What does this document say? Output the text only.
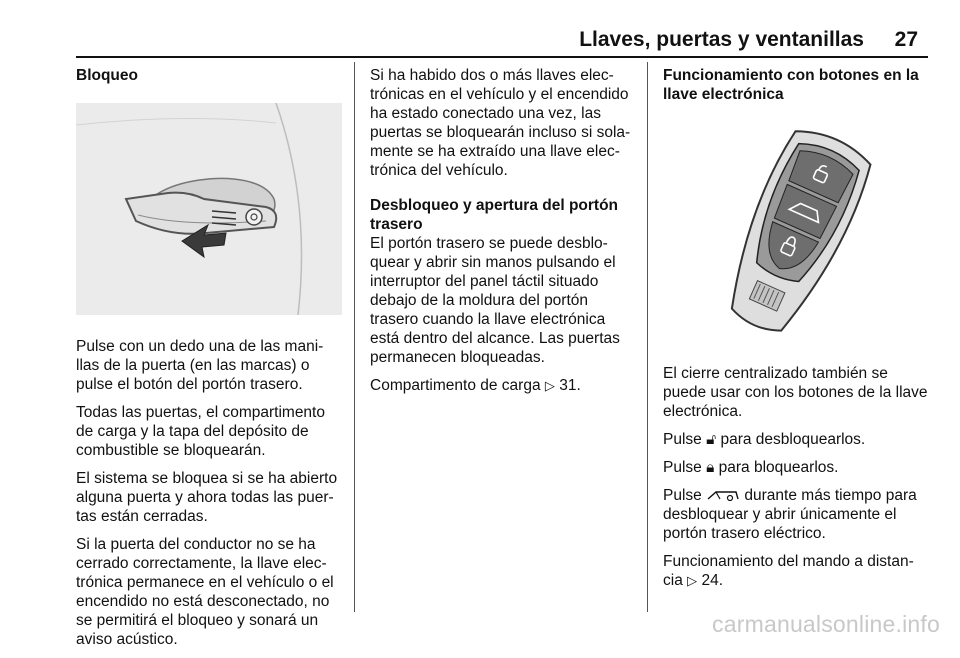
Llaves, puertas y ventanillas 27
Bloqueo

Pulse con un dedo una de las mani- llas de la puerta (en las marcas) o pulse el botón del portón trasero.

Todas las puertas, el compartimento de carga y la tapa del depósito de combustible se bloquearán.

El sistema se bloquea si se ha abierto alguna puerta y ahora todas las puer- tas están cerradas.

Si la puerta del conductor no se ha cerrado correctamente, la llave elec- trónica permanece en el vehículo o el encendido no está desconectado, no se permitirá el bloqueo y sonará un aviso acústico.

Si ha habido dos o más llaves elec- trónicas en el vehículo y el encendido ha estado conectado una vez, las puertas se bloquearán incluso si sola- mente se ha extraído una llave elec- trónica del vehículo.

Desbloqueo y apertura del portón trasero

El portón trasero se puede desblo- quear y abrir sin manos pulsando el interruptor del panel táctil situado debajo de la moldura del portón trasero cuando la llave electrónica está dentro del alcance. Las puertas permanecen bloqueadas.

Compartimento de carga ▷ 31.

Funcionamiento con botones en la llave electrónica

El cierre centralizado también se puede usar con los botones de la llave electrónica.

Pulse 🔓︎ para desbloquearlos.

Pulse 🔒︎ para bloquearlos.

Pulse	durante más tiempo para desbloquear y abrir únicamente el portón trasero eléctrico.

Funcionamiento del mando a distan- cia ▷ 24.

carmanualsonline.info
